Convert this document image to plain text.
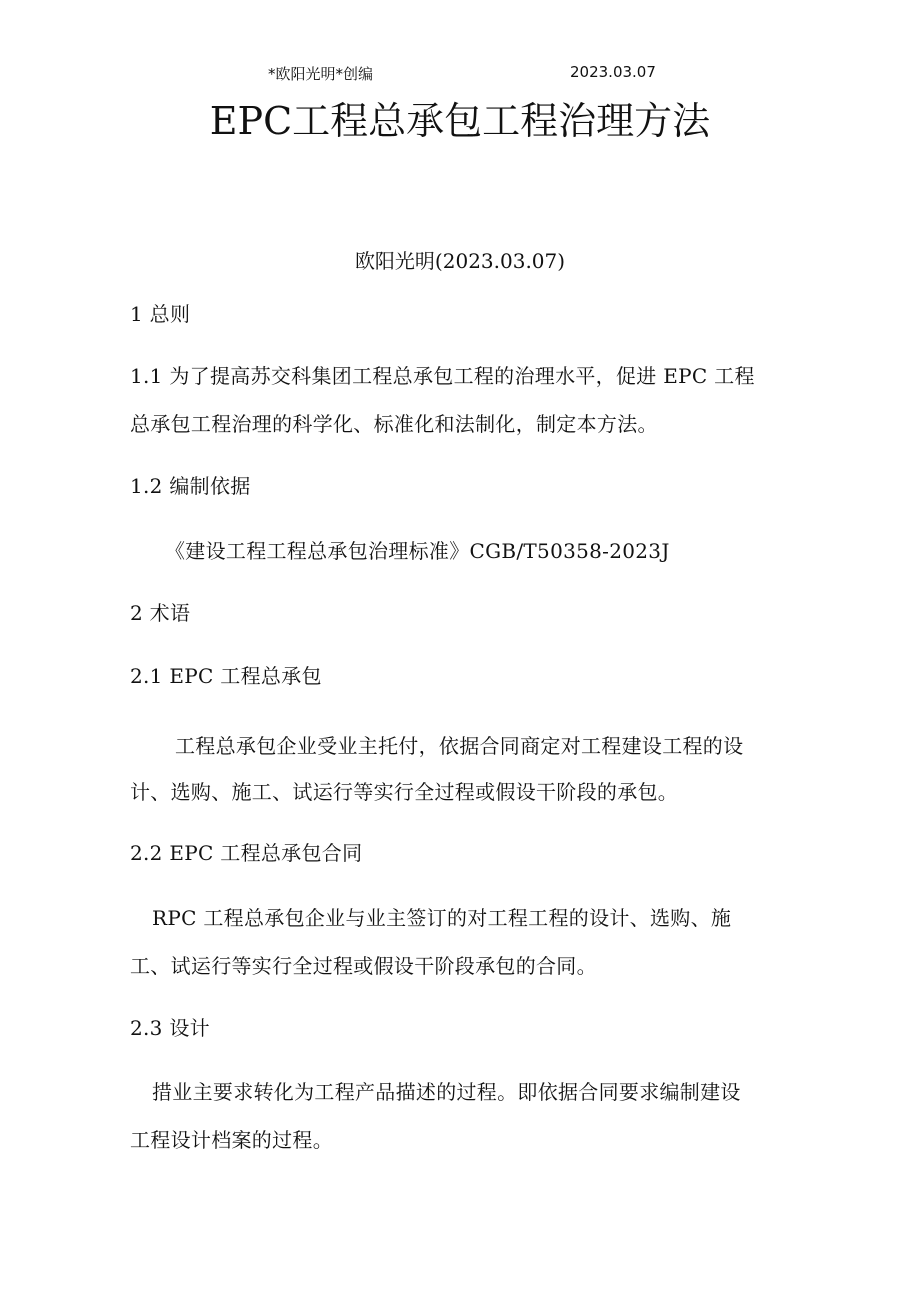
*欧阳光明*创编	2023.03.07
EPC工程总承包工程治理方法
欧阳光明(2023.03.07)
1 总则
1.1 为了提高苏交科集团工程总承包工程的治理水平，促进 EPC 工程
总承包工程治理的科学化、标准化和法制化，制定本方法。
1.2 编制依据
《建设工程工程总承包治理标准》CGB/T50358-2023J
2 术语
2.1 EPC 工程总承包
工程总承包企业受业主托付，依据合同商定对工程建设工程的设
计、选购、施工、试运行等实行全过程或假设干阶段的承包。
2.2 EPC 工程总承包合同
RPC 工程总承包企业与业主签订的对工程工程的设计、选购、施
工、试运行等实行全过程或假设干阶段承包的合同。
2.3 设计
措业主要求转化为工程产品描述的过程。即依据合同要求编制建设
工程设计档案的过程。
